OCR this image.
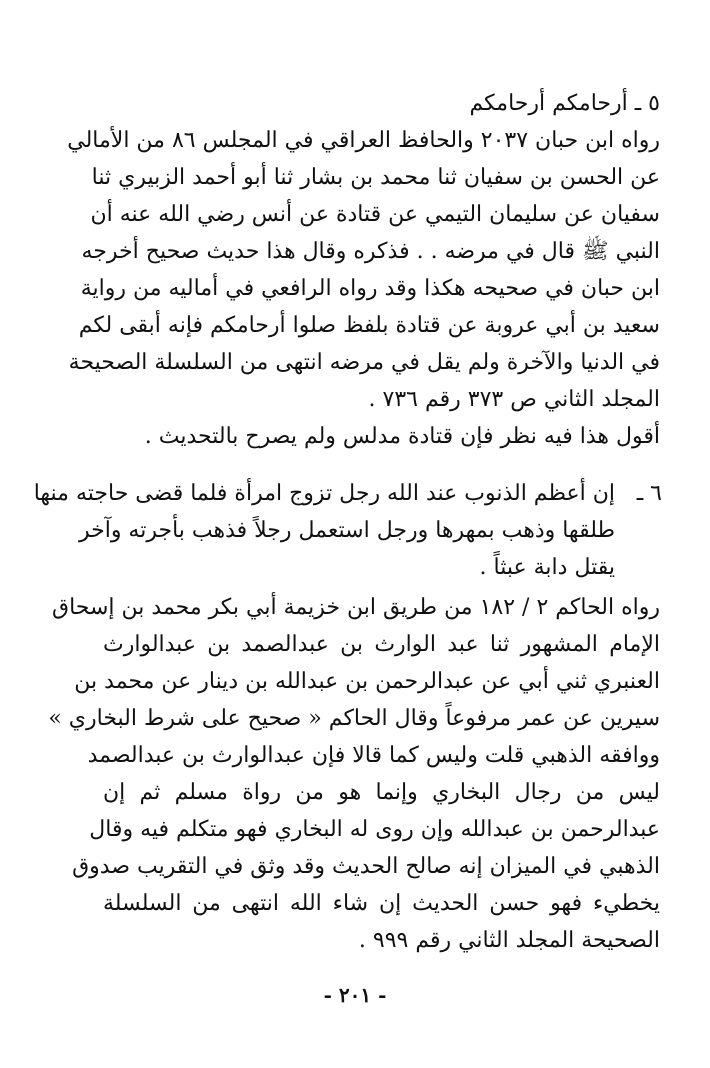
٥ ـ أرحامكم أرحامكم
رواه ابن حبان ٢٠٣٧ والحافظ العراقي في المجلس ٨٦ من الأمالي
عن الحسن بن سفيان ثنا محمد بن بشار ثنا أبو أحمد الزبيري ثنا
سفيان عن سليمان التيمي عن قتادة عن أنس رضي الله عنه أن
النبي ﷺ قال في مرضه . . فذكره وقال هذا حديث صحيح أخرجه
ابن حبان في صحيحه هكذا وقد رواه الرافعي في أماليه من رواية
سعيد بن أبي عروبة عن قتادة بلفظ صلوا أرحامكم فإنه أبقى لكم
في الدنيا والآخرة ولم يقل في مرضه انتهى من السلسلة الصحيحة
المجلد الثاني ص ٣٧٣ رقم ٧٣٦ .
أقول هذا فيه نظر فإن قتادة مدلس ولم يصرح بالتحديث .
٦ ـ
إن أعظم الذنوب عند الله رجل تزوج امرأة فلما قضى حاجته منها
طلقها وذهب بمهرها ورجل استعمل رجلاً فذهب بأجرته وآخر
يقتل دابة عبثاً .
رواه الحاكم ٢ / ١٨٢ من طريق ابن خزيمة أبي بكر محمد بن إسحاق
الإمام المشهور ثنا عبد الوارث بن عبدالصمد بن عبدالوارث
العنبري ثني أبي عن عبدالرحمن بن عبدالله بن دينار عن محمد بن
سيرين عن عمر مرفوعاً وقال الحاكم « صحيح على شرط البخاري »
ووافقه الذهبي قلت وليس كما قالا فإن عبدالوارث بن عبدالصمد
ليس من رجال البخاري وإنما هو من رواة مسلم ثم إن
عبدالرحمن بن عبدالله وإن روى له البخاري فهو متكلم فيه وقال
الذهبي في الميزان إنه صالح الحديث وقد وثق في التقريب صدوق
يخطيء فهو حسن الحديث إن شاء الله انتهى من السلسلة
الصحيحة المجلد الثاني رقم ٩٩٩ .
- ٢٠١ -
